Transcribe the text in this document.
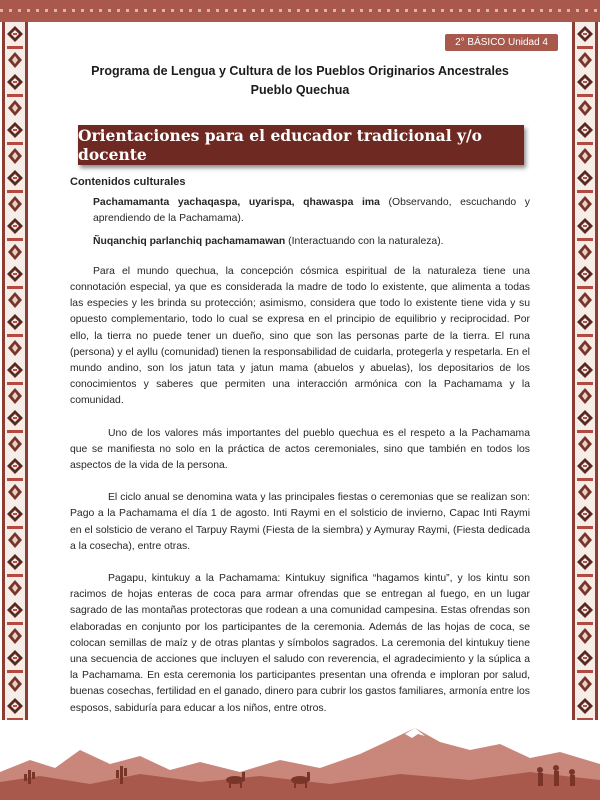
2° BÁSICO Unidad 4
Programa de Lengua y Cultura de los Pueblos Originarios Ancestrales
Pueblo Quechua
Orientaciones para el educador tradicional y/o docente

Contenidos culturales

Pachamamanta yachaqaspa, uyarispa, qhawaspa ima (Observando, escuchando y aprendiendo de la Pachamama).

Ñuqanchiq parlanchiq pachamamawan (Interactuando con la naturaleza).

Para el mundo quechua, la concepción cósmica espiritual de la naturaleza tiene una connotación especial, ya que es considerada la madre de todo lo existente, que alimenta a todas las especies y les brinda su protección; asimismo, considera que todo lo existente tiene vida y su opuesto complementario, todo lo cual se expresa en el principio de equilibrio y reciprocidad. Por ello, la tierra no puede tener un dueño, sino que son las personas parte de la tierra. El runa (persona) y el ayllu (comunidad) tienen la responsabilidad de cuidarla, protegerla y respetarla. En el mundo andino, son los jatun tata y jatun mama (abuelos y abuelas), los depositarios de los conocimientos y saberes que permiten una interacción armónica con la Pachamama y la comunidad.

Uno de los valores más importantes del pueblo quechua es el respeto a la Pachamama que se manifiesta no solo en la práctica de actos ceremoniales, sino que también en todos los aspectos de la vida de la persona.

El ciclo anual se denomina wata y las principales fiestas o ceremonias que se realizan son: Pago a la Pachamama el día 1 de agosto. Inti Raymi en el solsticio de invierno, Capac Inti Raymi en el solsticio de verano el Tarpuy Raymi (Fiesta de la siembra) y Aymuray Raymi, (Fiesta dedicada a la cosecha), entre otras.

Pagapu, kintukuy a la Pachamama: Kintukuy significa “hagamos kintu”, y los kintu son racimos de hojas enteras de coca para armar ofrendas que se entregan al fuego, en un lugar sagrado de las montañas protectoras que rodean a una comunidad campesina. Estas ofrendas son elaboradas en conjunto por los participantes de la ceremonia. Además de las hojas de coca, se colocan semillas de maíz y de otras plantas y símbolos sagrados. La ceremonia del kintukuy tiene una secuencia de acciones que incluyen el saludo con reverencia, el agradecimiento y la súplica a la Pachamama. En esta ceremonia los participantes presentan una ofrenda e imploran por salud, buenas cosechas, fertilidad en el ganado, dinero para cubrir los gastos familiares, armonía entre los esposos, sabiduría para educar a los niños, entre otros.
